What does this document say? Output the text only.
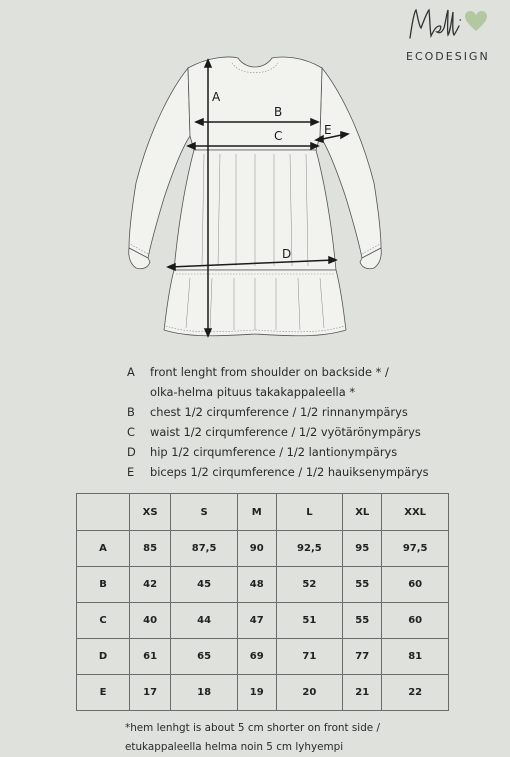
ECODESIGN
A
B
C
D
E
A front lenght from shoulder on backside * /
olka-helma pituus takakappaleella *
B chest 1/2 cirqumference / 1/2 rinnanympärys
C waist 1/2 cirqumference / 1/2 vyötärönympärys
D hip 1/2 cirqumference / 1/2 lantionympärys
E biceps 1/2 cirqumference / 1/2 hauiksenympärys
	XS	S	M	L	XL	XXL
A	85	87,5	90	92,5	95	97,5
B	42	45	48	52	55	60
C	40	44	47	51	55	60
D	61	65	69	71	77	81
E	17	18	19	20	21	22
*hem lenhgt is about 5 cm shorter on front side /
etukappaleella helma noin 5 cm lyhyempi
